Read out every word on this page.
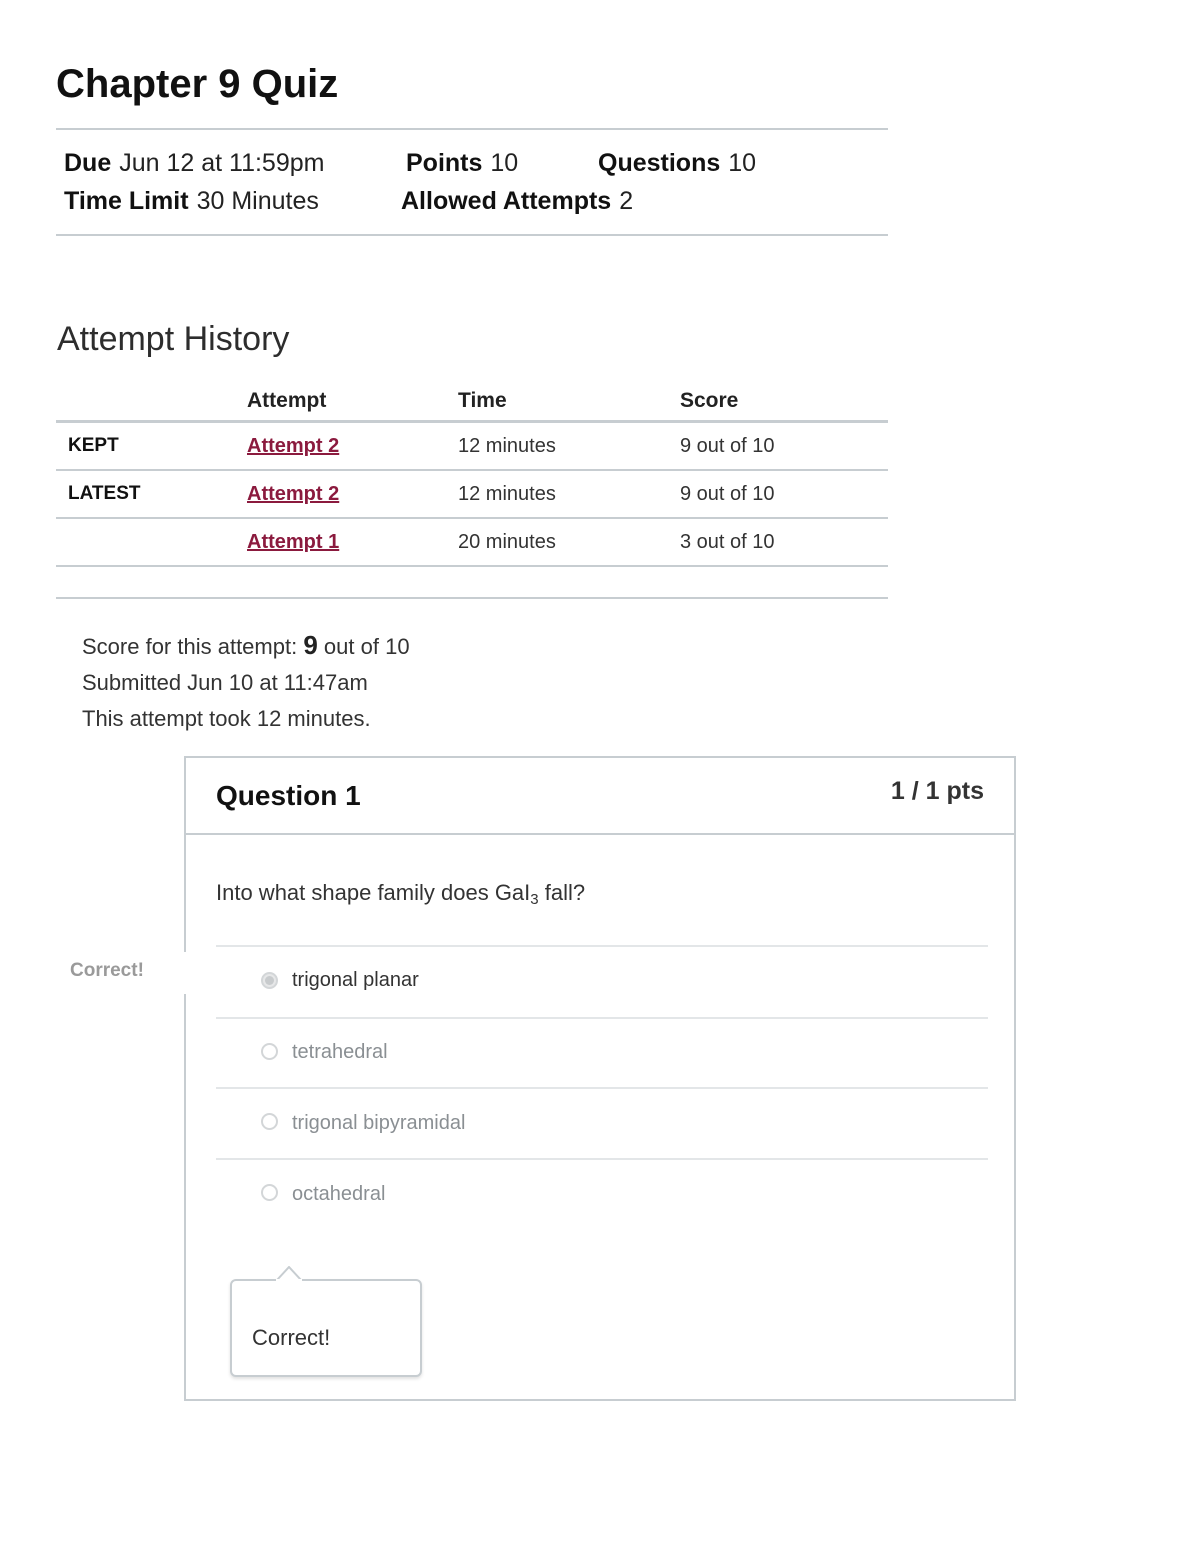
Chapter 9 Quiz
Due Jun 12 at 11:59pm	Points 10	Questions 10
Time Limit 30 Minutes	Allowed Attempts 2
Attempt History
	Attempt	Time	Score
KEPT	Attempt 2	12 minutes	9 out of 10
LATEST	Attempt 2	12 minutes	9 out of 10
	Attempt 1	20 minutes	3 out of 10
Score for this attempt: 9 out of 10
Submitted Jun 10 at 11:47am
This attempt took 12 minutes.
Correct!
Question 1	1 / 1 pts
Into what shape family does GaI$_3$ fall?
trigonal planar
tetrahedral
trigonal bipyramidal
octahedral
Correct!
